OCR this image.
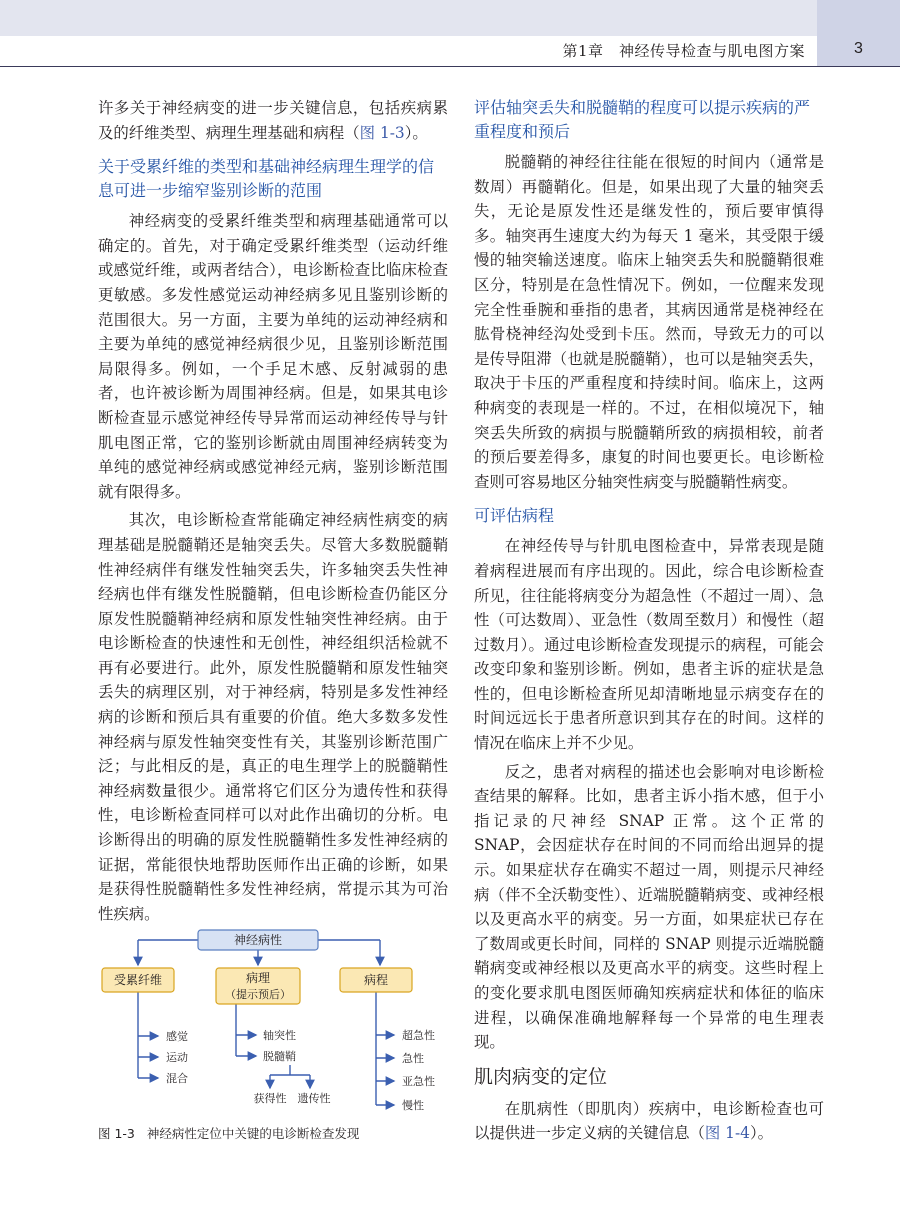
第1章　神经传导检查与肌电图方案	3

许多关于神经病变的进一步关键信息，包括疾病累及的纤维类型、病理生理基础和病程（图 1-3）。

关于受累纤维的类型和基础神经病理生理学的信息可进一步缩窄鉴别诊断的范围

神经病变的受累纤维类型和病理基础通常可以确定的。首先，对于确定受累纤维类型（运动纤维或感觉纤维，或两者结合），电诊断检查比临床检查更敏感。多发性感觉运动神经病多见且鉴别诊断的范围很大。另一方面，主要为单纯的运动神经病和主要为单纯的感觉神经病很少见，且鉴别诊断范围局限得多。例如，一个手足木感、反射减弱的患者，也许被诊断为周围神经病。但是，如果其电诊断检查显示感觉神经传导异常而运动神经传导与针肌电图正常，它的鉴别诊断就由周围神经病转变为单纯的感觉神经病或感觉神经元病，鉴别诊断范围就有限得多。

其次，电诊断检查常能确定神经病性病变的病理基础是脱髓鞘还是轴突丢失。尽管大多数脱髓鞘性神经病伴有继发性轴突丢失，许多轴突丢失性神经病也伴有继发性脱髓鞘，但电诊断检查仍能区分原发性脱髓鞘神经病和原发性轴突性神经病。由于电诊断检查的快速性和无创性，神经组织活检就不再有必要进行。此外，原发性脱髓鞘和原发性轴突丢失的病理区别，对于神经病，特别是多发性神经病的诊断和预后具有重要的价值。绝大多数多发性神经病与原发性轴突变性有关，其鉴别诊断范围广泛；与此相反的是，真正的电生理学上的脱髓鞘性神经病数量很少。通常将它们区分为遗传性和获得性，电诊断检查同样可以对此作出确切的分析。电诊断得出的明确的原发性脱髓鞘性多发性神经病的证据，常能很快地帮助医师作出正确的诊断，如果是获得性脱髓鞘性多发性神经病，常提示其为可治性疾病。

神经病性
受累纤维	病理
（提示预后）
病程
感觉
运动
混合
轴突性
脱髓鞘
获得性 遗传性
超急性
急性
亚急性
慢性
图 1-3 神经病性定位中关键的电诊断检查发现
评估轴突丢失和脱髓鞘的程度可以提示疾病的严重程度和预后

脱髓鞘的神经往往能在很短的时间内（通常是数周）再髓鞘化。但是，如果出现了大量的轴突丢失，无论是原发性还是继发性的，预后要审慎得多。轴突再生速度大约为每天 1 毫米，其受限于缓慢的轴突输送速度。临床上轴突丢失和脱髓鞘很难区分，特别是在急性情况下。例如，一位醒来发现完全性垂腕和垂指的患者，其病因通常是桡神经在肱骨桡神经沟处受到卡压。然而，导致无力的可以是传导阻滞（也就是脱髓鞘），也可以是轴突丢失，取决于卡压的严重程度和持续时间。临床上，这两种病变的表现是一样的。不过，在相似境况下，轴突丢失所致的病损与脱髓鞘所致的病损相较，前者的预后要差得多，康复的时间也要更长。电诊断检查则可容易地区分轴突性病变与脱髓鞘性病变。

可评估病程

在神经传导与针肌电图检查中，异常表现是随着病程进展而有序出现的。因此，综合电诊断检查所见，往往能将病变分为超急性（不超过一周）、急性（可达数周）、亚急性（数周至数月）和慢性（超过数月）。通过电诊断检查发现提示的病程，可能会改变印象和鉴别诊断。例如，患者主诉的症状是急性的，但电诊断检查所见却清晰地显示病变存在的时间远远长于患者所意识到其存在的时间。这样的情况在临床上并不少见。

反之，患者对病程的描述也会影响对电诊断检查结果的解释。比如，患者主诉小指木感，但于小指记录的尺神经 SNAP 正常。这个正常的 SNAP，会因症状存在时间的不同而给出迥异的提示。如果症状存在确实不超过一周，则提示尺神经病（伴不全沃勒变性）、近端脱髓鞘病变、或神经根以及更高水平的病变。另一方面，如果症状已存在了数周或更长时间，同样的 SNAP 则提示近端脱髓鞘病变或神经根以及更高水平的病变。这些时程上的变化要求肌电图医师确知疾病症状和体征的临床进程，以确保准确地解释每一个异常的电生理表现。

肌肉病变的定位

在肌病性（即肌肉）疾病中，电诊断检查也可以提供进一步定义病的关键信息（图 1-4）。
